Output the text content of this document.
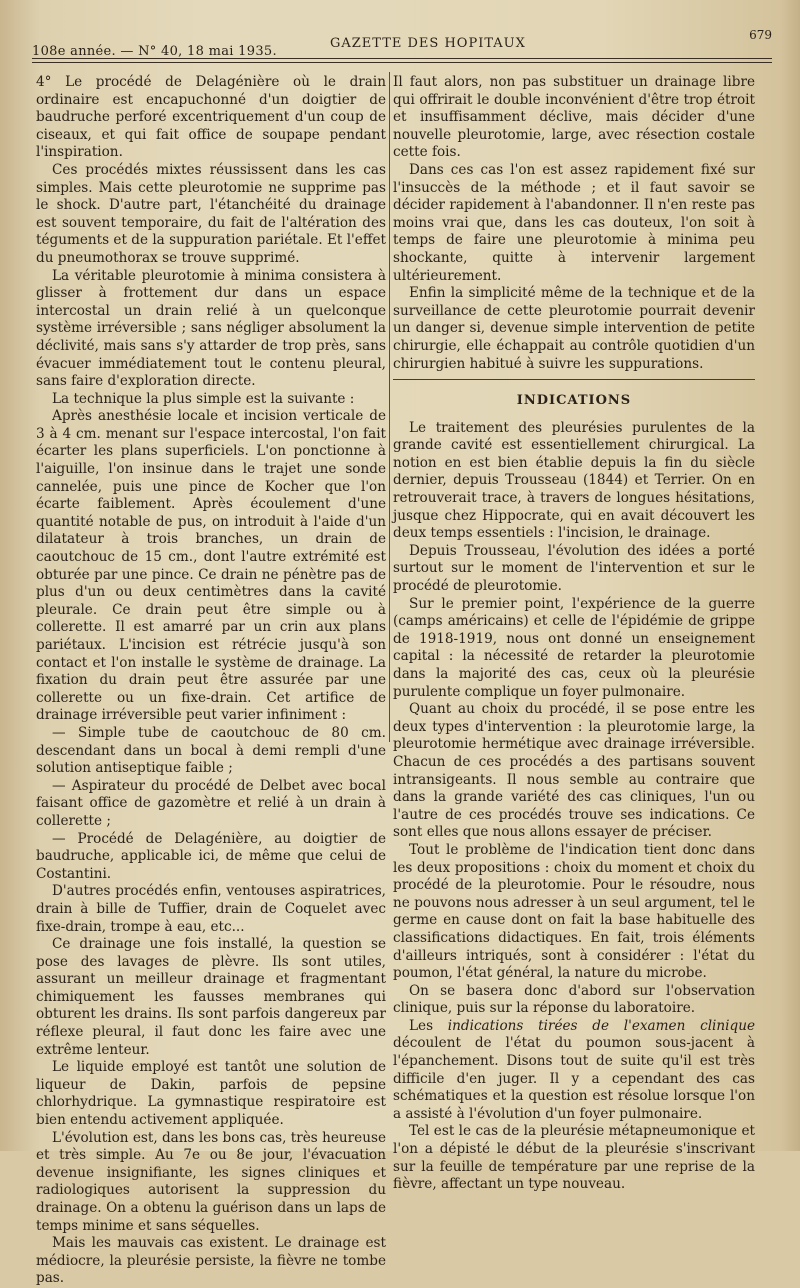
108e année. — N° 40, 18 mai 1935.
GAZETTE DES HOPITAUX
679

4° Le procédé de Delagénière où le drain ordinaire est encapuchonné d'un doigtier de baudruche perforé excentriquement d'un coup de ciseaux, et qui fait office de soupape pendant l'inspiration.

Ces procédés mixtes réussissent dans les cas simples. Mais cette pleurotomie ne supprime pas le shock. D'autre part, l'étanchéité du drainage est souvent temporaire, du fait de l'altération des téguments et de la suppuration pariétale. Et l'effet du pneumothorax se trouve supprimé.

La véritable pleurotomie à minima consistera à glisser à frottement dur dans un espace intercostal un drain relié à un quelconque système irréversible ; sans négliger absolument la déclivité, mais sans s'y attarder de trop près, sans évacuer immédiatement tout le contenu pleural, sans faire d'exploration directe.

La technique la plus simple est la suivante :

Après anesthésie locale et incision verticale de 3 à 4 cm. menant sur l'espace intercostal, l'on fait écarter les plans superficiels. L'on ponctionne à l'aiguille, l'on insinue dans le trajet une sonde cannelée, puis une pince de Kocher que l'on écarte faiblement. Après écoulement d'une quantité notable de pus, on introduit à l'aide d'un dilatateur à trois branches, un drain de caoutchouc de 15 cm., dont l'autre extrémité est obturée par une pince. Ce drain ne pénètre pas de plus d'un ou deux centimètres dans la cavité pleurale. Ce drain peut être simple ou à collerette. Il est amarré par un crin aux plans pariétaux. L'incision est rétrécie jusqu'à son contact et l'on installe le système de drainage. La fixation du drain peut être assurée par une collerette ou un fixe-drain. Cet artifice de drainage irréversible peut varier infiniment :

— Simple tube de caoutchouc de 80 cm. descendant dans un bocal à demi rempli d'une solution antiseptique faible ;

— Aspirateur du procédé de Delbet avec bocal faisant office de gazomètre et relié à un drain à collerette ;

— Procédé de Delagénière, au doigtier de baudruche, applicable ici, de même que celui de Costantini.

D'autres procédés enfin, ventouses aspiratrices, drain à bille de Tuffier, drain de Coquelet avec fixe-drain, trompe à eau, etc...

Ce drainage une fois installé, la question se pose des lavages de plèvre. Ils sont utiles, assurant un meilleur drainage et fragmentant chimiquement les fausses membranes qui obturent les drains. Ils sont parfois dangereux par réflexe pleural, il faut donc les faire avec une extrême lenteur.

Le liquide employé est tantôt une solution de liqueur de Dakin, parfois de pepsine chlorhydrique. La gymnastique respiratoire est bien entendu activement appliquée.

L'évolution est, dans les bons cas, très heureuse et très simple. Au 7e ou 8e jour, l'évacuation devenue insignifiante, les signes cliniques et radiologiques autorisent la suppression du drainage. On a obtenu la guérison dans un laps de temps minime et sans séquelles.

Mais les mauvais cas existent. Le drainage est médiocre, la pleurésie persiste, la fièvre ne tombe pas.

Il faut alors, non pas substituer un drainage libre qui offrirait le double inconvénient d'être trop étroit et insuffisamment déclive, mais décider d'une nouvelle pleurotomie, large, avec résection costale cette fois.

Dans ces cas l'on est assez rapidement fixé sur l'insuccès de la méthode ; et il faut savoir se décider rapidement à l'abandonner. Il n'en reste pas moins vrai que, dans les cas douteux, l'on soit à temps de faire une pleurotomie à minima peu shockante, quitte à intervenir largement ultérieurement.

Enfin la simplicité même de la technique et de la surveillance de cette pleurotomie pourrait devenir un danger si, devenue simple intervention de petite chirurgie, elle échappait au contrôle quotidien d'un chirurgien habitué à suivre les suppurations.

INDICATIONS

Le traitement des pleurésies purulentes de la grande cavité est essentiellement chirurgical. La notion en est bien établie depuis la fin du siècle dernier, depuis Trousseau (1844) et Terrier. On en retrouverait trace, à travers de longues hésitations, jusque chez Hippocrate, qui en avait découvert les deux temps essentiels : l'incision, le drainage.

Depuis Trousseau, l'évolution des idées a porté surtout sur le moment de l'intervention et sur le procédé de pleurotomie.

Sur le premier point, l'expérience de la guerre (camps américains) et celle de l'épidémie de grippe de 1918-1919, nous ont donné un enseignement capital : la nécessité de retarder la pleurotomie dans la majorité des cas, ceux où la pleurésie purulente complique un foyer pulmonaire.

Quant au choix du procédé, il se pose entre les deux types d'intervention : la pleurotomie large, la pleurotomie hermétique avec drainage irréversible. Chacun de ces procédés a des partisans souvent intransigeants. Il nous semble au contraire que dans la grande variété des cas cliniques, l'un ou l'autre de ces procédés trouve ses indications. Ce sont elles que nous allons essayer de préciser.

Tout le problème de l'indication tient donc dans les deux propositions : choix du moment et choix du procédé de la pleurotomie. Pour le résoudre, nous ne pouvons nous adresser à un seul argument, tel le germe en cause dont on fait la base habituelle des classifications didactiques. En fait, trois éléments d'ailleurs intriqués, sont à considérer : l'état du poumon, l'état général, la nature du microbe.

On se basera donc d'abord sur l'observation clinique, puis sur la réponse du laboratoire.

Les indications tirées de l'examen clinique découlent de l'état du poumon sous-jacent à l'épanchement. Disons tout de suite qu'il est très difficile d'en juger. Il y a cependant des cas schématiques et la question est résolue lorsque l'on a assisté à l'évolution d'un foyer pulmonaire.

Tel est le cas de la pleurésie métapneumonique et l'on a dépisté le début de la pleurésie s'inscrivant sur la feuille de température par une reprise de la fièvre, affectant un type nouveau.
